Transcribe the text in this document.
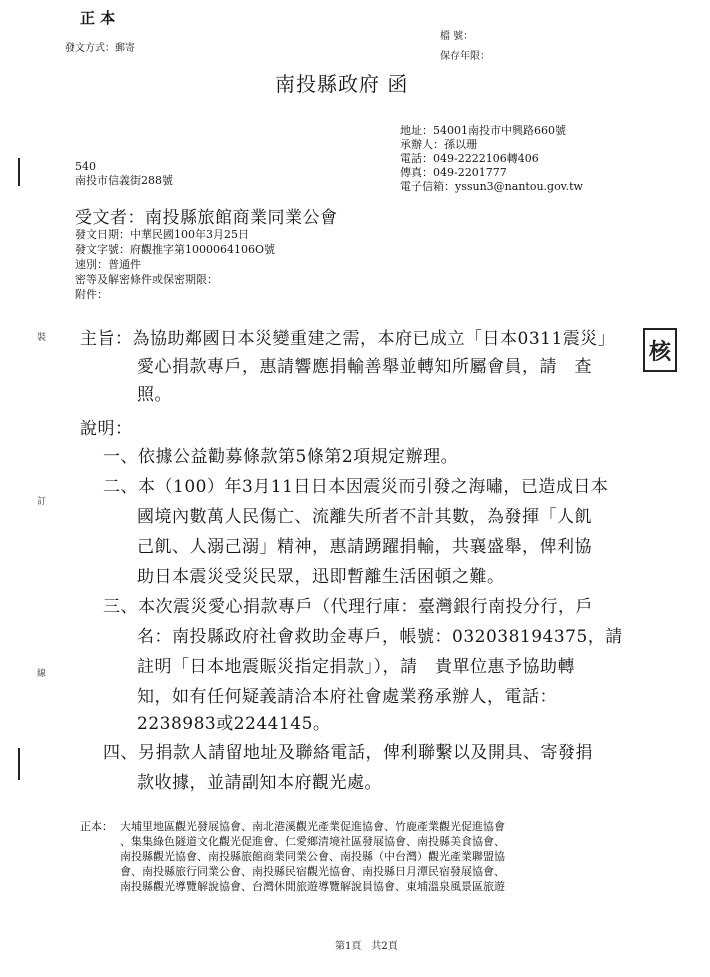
正 本
發文方式：郵寄
檔 號：
保存年限：
南投縣政府 函
地址：54001南投市中興路660號
承辦人：孫以珊
電話：049-2222106轉406
傳真：049-2201777
電子信箱：yssun3@nantou.gov.tw
540
南投市信義街288號
受文者：南投縣旅館商業同業公會
發文日期：中華民國100年3月25日
發文字號：府觀推字第1000064106O號
速別：普通件
密等及解密條件或保密期限：
附件：
主旨：為協助鄰國日本災變重建之需，本府已成立「日本0311震災」
愛心捐款專戶，惠請響應捐輸善舉並轉知所屬會員，請　查
照。
核
說明：
一、依據公益勸募條款第5條第2項規定辦理。
二、本（100）年3月11日日本因震災而引發之海嘯，已造成日本
國境內數萬人民傷亡、流離失所者不計其數，為發揮「人飢
己飢、人溺己溺」精神，惠請踴躍捐輸，共襄盛舉，俾利協
助日本震災受災民眾，迅即暫離生活困頓之難。
三、本次震災愛心捐款專戶（代理行庫：臺灣銀行南投分行，戶
名：南投縣政府社會救助金專戶，帳號：032038194375，請
註明「日本地震賑災指定捐款」），請　貴單位惠予協助轉
知，如有任何疑義請洽本府社會處業務承辦人，電話：
2238983或2244145。
四、另捐款人請留地址及聯絡電話，俾利聯繫以及開具、寄發捐
款收據，並請副知本府觀光處。
正本： 大埔里地區觀光發展協會、南北港溪觀光產業促進協會、竹鹿產業觀光促進協會
、集集綠色隧道文化觀光促進會、仁愛鄉清境社區發展協會、南投縣美食協會、
南投縣觀光協會、南投縣旅館商業同業公會、南投縣（中台灣）觀光產業聯盟協
會、南投縣旅行同業公會、南投縣民宿觀光協會、南投縣日月潭民宿發展協會、
南投縣觀光導覽解說協會、台灣休閒旅遊導覽解說員協會、東埔溫泉風景區旅遊
裝
訂
線
第1頁　共2頁
